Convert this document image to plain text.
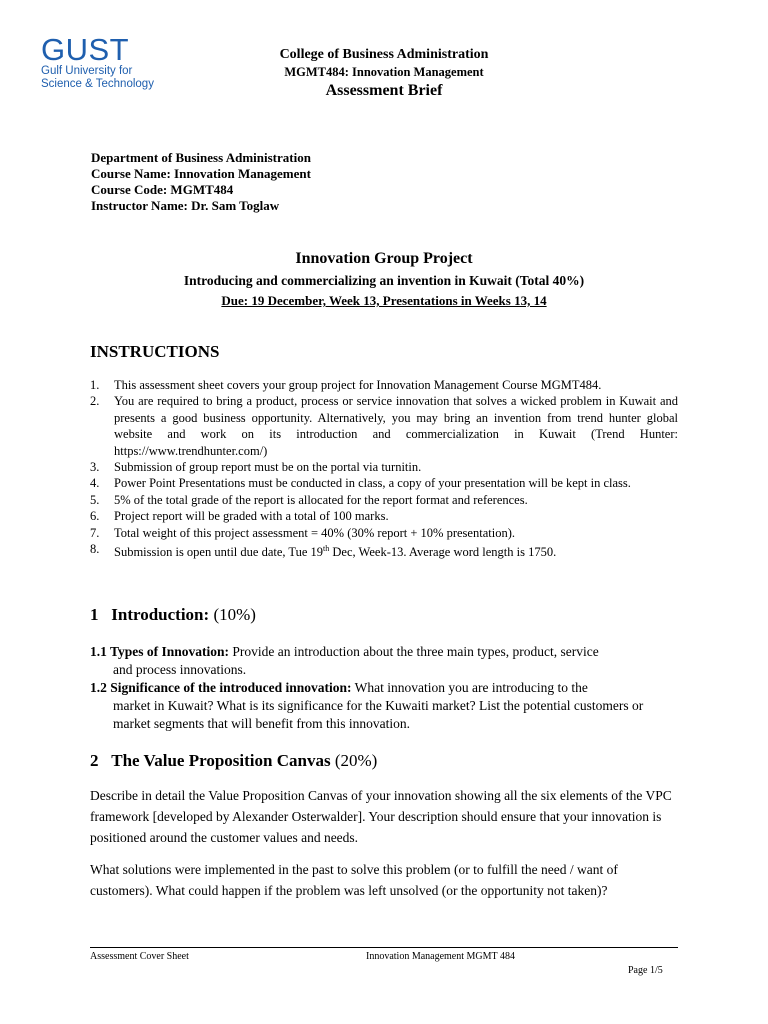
GUST
Gulf University for
Science & Technology
College of Business Administration
MGMT484: Innovation Management
Assessment Brief
Department of Business Administration
Course Name: Innovation Management
Course Code: MGMT484
Instructor Name: Dr. Sam Toglaw
Innovation Group Project
Introducing and commercializing an invention in Kuwait (Total 40%)
Due: 19 December, Week 13, Presentations in Weeks 13, 14
INSTRUCTIONS
1. This assessment sheet covers your group project for Innovation Management Course MGMT484.
2. You are required to bring a product, process or service innovation that solves a wicked problem in Kuwait and presents a good business opportunity. Alternatively, you may bring an invention from trend hunter global website and work on its introduction and commercialization in Kuwait (Trend Hunter: https://www.trendhunter.com/)
3. Submission of group report must be on the portal via turnitin.
4. Power Point Presentations must be conducted in class, a copy of your presentation will be kept in class.
5. 5% of the total grade of the report is allocated for the report format and references.
6. Project report will be graded with a total of 100 marks.
7. Total weight of this project assessment = 40% (30% report + 10% presentation).
8. Submission is open until due date, Tue 19th Dec, Week-13. Average word length is 1750.
1 Introduction: (10%)
1.1 Types of Innovation: Provide an introduction about the three main types, product, service
and process innovations.
1.2 Significance of the introduced innovation: What innovation you are introducing to the
market in Kuwait? What is its significance for the Kuwaiti market? List the potential customers or market segments that will benefit from this innovation.
2 The Value Proposition Canvas (20%)
Describe in detail the Value Proposition Canvas of your innovation showing all the six elements of the VPC framework [developed by Alexander Osterwalder]. Your description should ensure that your innovation is positioned around the customer values and needs.
What solutions were implemented in the past to solve this problem (or to fulfill the need / want of customers). What could happen if the problem was left unsolved (or the opportunity not taken)?
Assessment Cover Sheet	Innovation Management MGMT 484
Page 1/5
